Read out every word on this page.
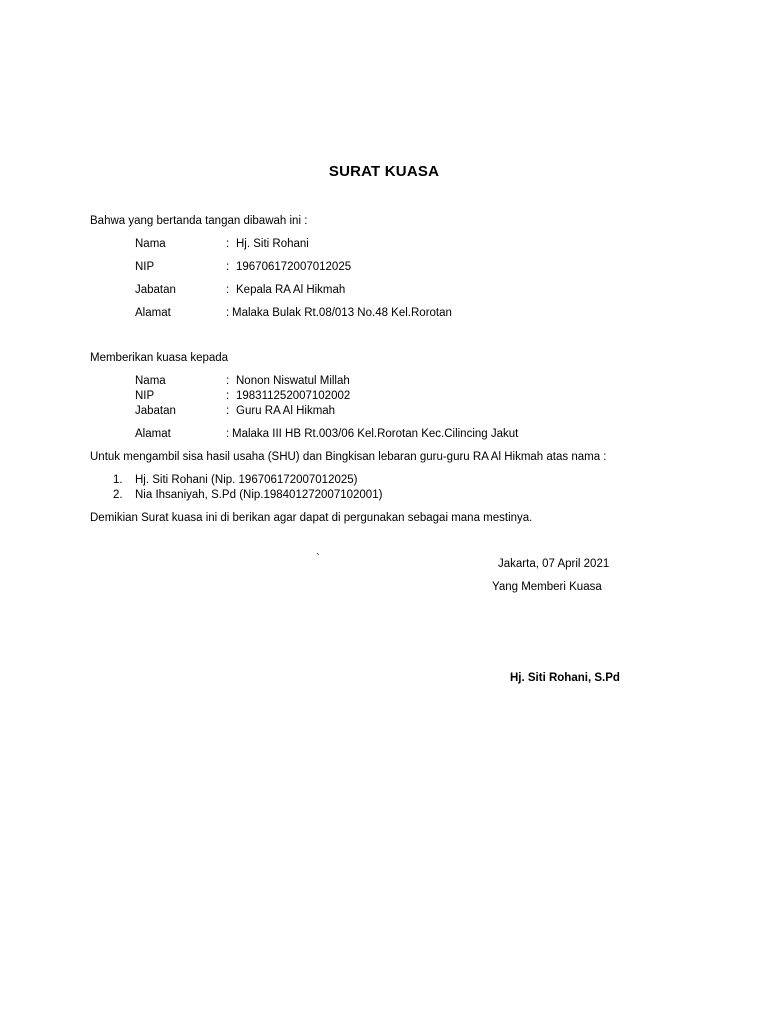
SURAT KUASA
Bahwa yang bertanda tangan dibawah ini :
Nama	: Hj. Siti Rohani
NIP	: 196706172007012025
Jabatan	: Kepala RA Al Hikmah
Alamat	: Malaka Bulak Rt.08/013 No.48 Kel.Rorotan
Memberikan kuasa kepada
Nama	: Nonon Niswatul Millah
NIP	: 198311252007102002
Jabatan	: Guru RA Al Hikmah
Alamat	: Malaka III HB Rt.003/06 Kel.Rorotan Kec.Cilincing Jakut
Untuk mengambil sisa hasil usaha (SHU) dan Bingkisan lebaran guru-guru RA Al Hikmah atas nama :
1. Hj. Siti Rohani (Nip. 196706172007012025)
2. Nia Ihsaniyah, S.Pd (Nip.198401272007102001)
Demikian Surat kuasa ini di berikan agar dapat di pergunakan sebagai mana mestinya.
`	Jakarta, 07 April 2021
Yang Memberi Kuasa
Hj. Siti Rohani, S.Pd
